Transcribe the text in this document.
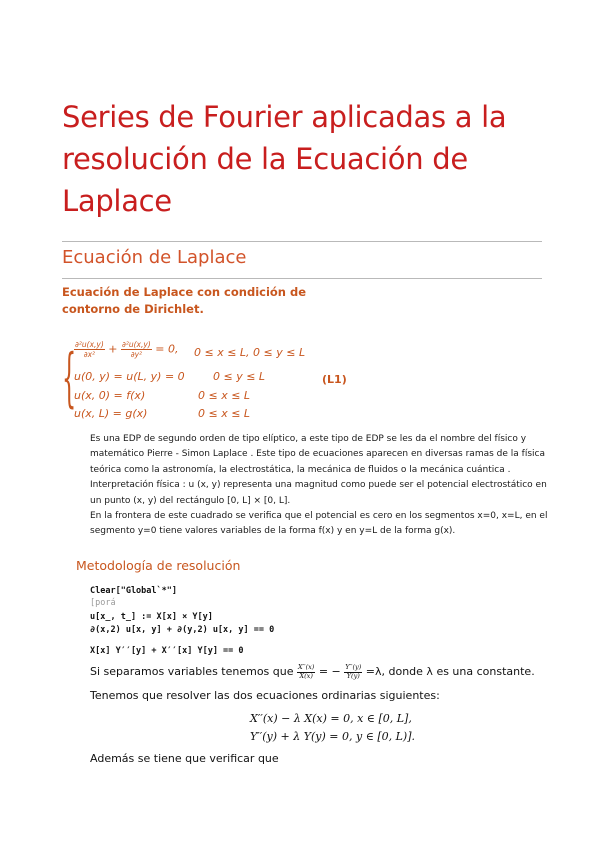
Series de Fourier aplicadas a la resolución de la Ecuación de Laplace
Ecuación de Laplace
Ecuación de Laplace con condición de contorno de Dirichlet.
{
$\frac{\text{∂²u(x,y)}}{\text{∂x²}} + \frac{\text{∂²u(x,y)}}{\text{∂y²}} = 0$, 0 ≤ x ≤ L, 0 ≤ y ≤ L
u(0, y) = u(L, y) = 0	0 ≤ y ≤ L
u(x, 0) = f(x)	0 ≤ x ≤ L
u(x, L) = g(x)	0 ≤ x ≤ L
(L1)

Es una EDP de segundo orden de tipo elíptico, a este tipo de EDP se les da el nombre del físico y matemático Pierre - Simon Laplace . Este tipo de ecuaciones aparecen en diversas ramas de la física teórica como la astronomía, la electrostática, la mecánica de fluidos o la mecánica cuántica .

Interpretación física : u (x, y) representa una magnitud como puede ser el potencial electrostático en un punto (x, y) del rectángulo [0, L] × [0, L].

En la frontera de este cuadrado se verifica que el potencial es cero en los segmentos x=0, x=L, en el segmento y=0 tiene valores variables de la forma f(x) y en y=L de la forma g(x).

Metodología de resolución
Clear["Global`*"]
[porá
u[x_, t_] := X[x] × Y[y]
∂(x,2) u[x, y] + ∂(y,2) u[x, y] == 0
X[x] Y′′[y] + X′′[x] Y[y] == 0
Si separamos variables tenemos que $\frac{X''(x)}{X(x)}$ = − $\frac{Y''(y)}{Y(y)} =\lambda$, donde λ es una constante.
Tenemos que resolver las dos ecuaciones ordinarias siguientes:
X′′(x) − λ X(x) = 0, x ∈ [0, L],
Y′′(y) + λ Y(y) = 0, y ∈ [0, L)].
Además se tiene que verificar que
